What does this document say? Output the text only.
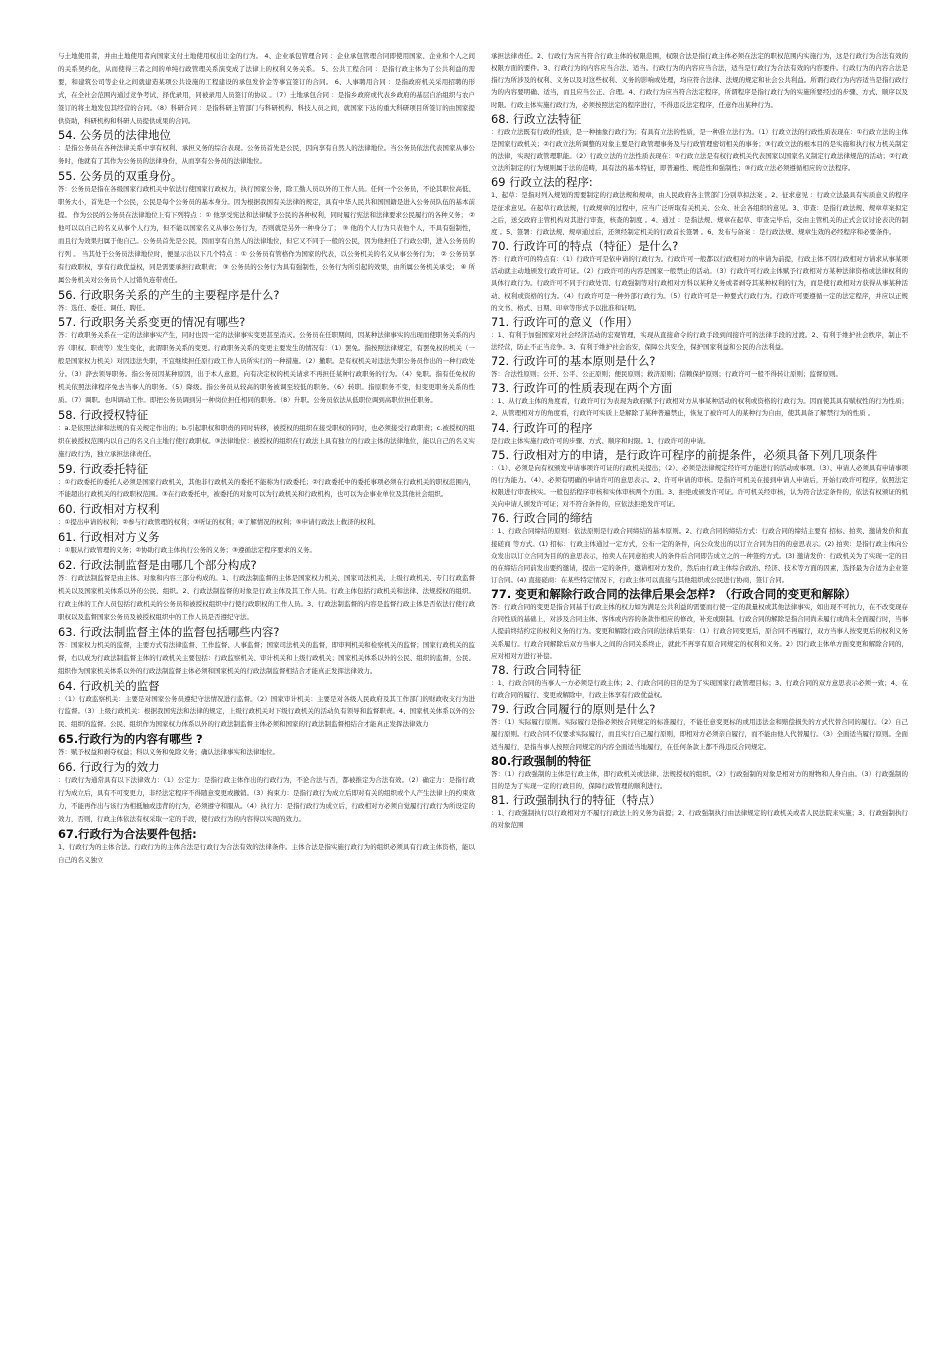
与土地使用者，并由土地使用者向国家支付土地使用权出让金的行为。 4、企业承包管理合同 ：企业承包管理合同即使用国家、企业和个人之间的关系契约化，从而使得三者之间的单纯行政管理关系演变成了法律上的权利义务关系。 5、公共工程合同 ：是指行政主体为了公共利益的需要，和建筑公司等企业之间就建造某项公共设施的工程建设的承包发价金等事宜签订的合同。 6、人事聘用合同 ：是指政府机关采用招聘的形式，在全社会范围内通过竞争考试，择优录用，同被录用人员签订的协议 。（7）土地承包合同 ：是指乡政府或代表乡政府的基层自治组织与农户签订的将土地发包其经营的合同。（8）科研合同 ：是指科研主管部门与科研机构、科技人员之间，就国家下达的重大科研项目所签订的由国家提供资助，科研机构和科研人员提供成果的合同。

54. 公务员的法律地位
：是指公务员在各种法律关系中享有权利、承担义务的综合表现。公务员首先是公民，因向享有自然人的法律地位。当公务员依法代表国家从事公务时，他就有了其作为公务员的法律身份，从而享有公务员的法律地位。

55. 公务员的双重身份。
答：公务员是指在各级国家行政机关中依法行使国家行政权力，执行国家公务，除工勤人员以外的工作人员。任何一个公务员，不论其职位高低、职务大小，首先是一个公民，公民是每个公务员的基本身分。因为根据我国有关法律的规定，具有中华人民共和国国籍是进入公务员队伍的基本前提。 作为公民的公务员在法律地位上有下列特点 ：① 他享受宪法和法律赋予公民的各种权利，同时履行宪法和法律要求公民履行的各种义务； ② 他可以以自己的名义从事个人行为，但不能以国家名义从事公务行为，否则就是另外一种身分了； ③ 他的个人行为只表他个人，不具有强制性，而且行为效果归属于他自己。公务员首先是公民，因而享有自然人的法律地位，但它又不同于一般的公民，因为他担任了行政公职，进入公务员的行列 。 当其处于公务员法律地位时，便显示出以下几个特点 ：① 公务员有管格作为国家的代表，以公务机关的名义从事公务行为； ② 公务员享有行政职权，享有行政优益权，同是需要承担行政职责； ③ 公务员的公务行为具有强制性，公务行为所引起的效果，由所属公务机关承受； ④ 所属公务机关对公务员个人过错负连带责任。

56. 行政职务关系的产生的主要程序是什么?
答：选任、委任、调任、聘任。

57. 行政职务关系变更的情况有哪些?
答：行政职务关系在一定的法律事实产生，同时也因一定的法律事实变更甚至消灭。公务员在任职期间，因某种法律事实的出现而使职务关系的内容（职权、职责等）发生变化，此谓职务关系的变更。行政职务关系的变更主要发生的情况有：（1）罢免。指按照法律规定，有罢免权的机关（一般是国家权力机关）对因违法失职，不宜继续担任原行政工作人员所实行的一种措施。（2）撤职。是有权机关对违法失职公务员作出的一种行政处分。（3）辞去领导职务。指公务员因某种原因，出于本人意愿，向有决定权的机关请求不再担任某种行政职务的行为。（4）免职。指有任免权的机关依照法律程序免去当事人的职务。（5）降级。指公务员从较高的职务被调至较低的职务。（6）转职。指原职务不变，但变更职务关系的性质。（7）调职。也叫调动工作。即把公务员调到另一种岗位担任相同的职务。（8）升职。公务员依法从低职位调到高职位担任职务。

58. 行政授权特征
：a.是依照法律和法规的有关规定作出的；b.引起职权和职责的同时转移，被授权的组织在接受职权的同时，也必须接受行政职责；c.被授权的组织在被授权范围内以自己的名义自主地行使行政职权。③法律地位：被授权的组织在行政法上具有独立的行政主体的法律地位，能以自己的名义实施行政行为，独立承担法律责任。

59. 行政委托特征
：①行政委托的委托人必须是国家行政机关，其他非行政机关的委托不能称为行政委托；②行政委托中的委托事项必须在行政机关的职权范围内，不能超出行政机关的行政职权范围。③在行政委托中，被委托的对象可以为行政机关和行政机构，也可以为企事业单位及其他社会组织。

60. 行政相对方权利
：①提出申请的权利；②参与行政管理的权利；③听证的权利；④了解情况的权利；⑤申请行政法上救济的权利。

61. 行政相对方义务
：①服从行政管理的义务；②协助行政主体执行公务的义务；③遵循法定程序要求的义务。

62. 行政法制监督是由哪几个部分构成?
答：行政法制监督是由主体、对象和内容三部分构成的。1、行政法制监督的主体是国家权力机关、国家司法机关、上级行政机关、专门行政监督机关以及国家机关体系以外的公民、组织。2、行政法制监督的对象是行政主体及其工作人员。行政主体包括行政机关和法律、法规授权的组织。行政主体的工作人员包括行政机关的公务员和被授权组织中行使行政职权的工作人员。3、行政法制监督的内容是监督行政主体是否依法行使行政职权以及监督国家公务员及被授权组织中的工作人员是否遵纪守法。

63. 行政法制监督主体的监督包括哪些内容?
答：国家权力机关的监督，主要方式有法律监督、工作监督、人事监督；国家司法机关的监督，即审判机关和检察机关的监督；国家行政机关的监督，右以成为行政法制监督主体的行政机关主要包括：行政监察机关、审计机关和上级行政机关；国家机关体系以外的公民、组织的监督，公民、组织作为国家机关体系以外的行政法制监督主体必须和国家机关的行政法制监督相结合才能真正发挥法律效力。

64. 行政机关的监督
：（1）行政监察机关：主要是对国家公务员遵纪守法情况进行监督。（2）国家审计机关：主要是对各级人民政府及其工作部门的财政收支行为进行监督。（3）上级行政机关：根据我国宪法和法律的规定，上级行政机关对下级行政机关的活动负有领导和监督职责。4、国家机关体系以外的公民、组织的监督。公民、组织作为国家权力体系以外的行政法制监督主体必须和国家的行政法制监督相结合才能真正发挥法律效力

65.行政行为的内容有哪些 ?
答：赋予权益和剥夺权益；科以义务和免除义务；确认法律事实和法律地位。

66. 行政行为的效力
：行政行为通常具有以下法律效力：（1）公定力：是指行政主体作出的行政行为，不论合法与否，都被推定为合法有效。（2）确定力：是指行政行为成立后，具有不可变更力，非经法定程序不得随意变更或撤销。（3）拘束力：是指行政行为成立后即对有关的组织或个人产生法律上的约束效力，不能再作出与该行为相抵触或违背的行为，必须遵守和服从。（4）执行力：是指行政行为成立后，行政相对方必须自觉履行行政行为所设定的效力，否则，行政主体依法有权采取一定的手段，使行政行为的内容得以实现的效力。

67.行政行为合法要件包括:
1、行政行为的主体合法。行政行为的主体合法是行政行为合法有效的法律条件。主体合法是指实施行政行为的组织必须具有行政主体资格，能以自己的名义独立

承担法律责任。2、行政行为应当符合行政主体的权限范围，权限合法是指行政主体必须在法定的职权范围内实施行为，这是行政行为合法有效的权限方面的要件。3、行政行为的内容应当合法、适当。行政行为的内容应当合法，适当是行政行为合法有效的内容要件。行政行为的内容合法是指行为所涉及的权利、义务以及对这些权利、义务的影响或处理，均应符合法律、法规的规定和社会公共利益。所谓行政行为内容适当是指行政行为的内容要明确、适当，而且应当公正、合理。4、行政行为应当符合法定程序，所谓程序是指行政行为的实施所要经过的步骤、方式、顺序以及时限。行政主体实施行政行为，必须按照法定的程序进行，不得违反法定程序，任意作出某种行为。

68. 行政立法特征
：行政立法既有行政的性质，是一种抽象行政行为；有具有立法的性质，是一种准立法行为。（1）行政立法的行政性质表现在：①行政立法的主体是国家行政机关；②行政立法所调整的对象主要是行政管理事务及与行政管理密切相关的事务；③行政立法的根本目的是实施和执行权力机关制定的法律，实现行政管理职能。（2）行政立法的立法性质表现在：①行政立法是有权行政机关代表国家以国家名义制定行政法律规范的活动；②行政立法所制定的行为规则属于法的范畴，具有法的基本特征，即普遍性、规范性和强制性；③行政立法必须遵循相应的立法程序。

69 行政立法的程序:
1、起草：是指对列入规划的需要制定的行政法规和规章，由人民政府各主管部门分别草拟法案 。2、征求意见 ：行政立法最具有实质意义的程序是征求意见。在起草行政法规，行政规章的过程中，应当广泛听取有关机关、公众、社会各组织的意见。3、审查：是指行政法规、规章草案拟定之后，送交政府主管机构对其进行审查，核查的制度 。4、通过 ：是指法规、规章在起草、审查完毕后，交由主管机关的正式会议讨论表决的制度 。5、签署：行政法规、规章通过后，还须经制定机关的行政首长签署 。6、发布与备案 ：是行政法规、规章生效的必经程序和必要条件。

70. 行政许可的特点（特征）是什么?
答：行政许可的特点有：（1）行政许可是依申请的行政行为。行政许可一般都以行政相对方的申请为前提，行政主体不因行政相对方请求从事某项活动就主动地颁发行政许可证。（2）行政许可的内容是国家一般禁止的活动。（3）行政许可行政主体赋予行政相对方某种法律资格或法律权利的具体行政行为。行政许可不同于行政处罚、行政强制等对行政相对方科以某种义务或者剥夺其某种权利的行为，而是使行政相对方获得从事某种活动、权利或资格的行为。（4）行政许可是一种外部行政行为。（5）行政许可是一种要式行政行为。行政许可要遵循一定的法定程序，并应以正规的文书、格式、日期、印章等形式予以批准和证明。

71. 行政许可的意义（作用）
：1、有利于加强国家对社会经济活动的宏观管理，实现从直接命令的行政手段到间接许可的法律手段的过渡。2、有利于维护社会秩序，制止不法经营，防止不正当竞争。3、有利于维护社会治安，保障公共安全，保护国家利益和公民的合法利益。

72. 行政许可的基本原则是什么?
答：合法性原则；公开、公平、公正原则；便民原则；救济原则；信赖保护原则；行政许可一般不得转让原则；监督原则。

73. 行政许可的性质表现在两个方面
：1、从行政主体的角度看，行政许可行为表现为政府赋予行政相对方从事某种活动的权利或资格的行政行为。因而使其具有赋权性的行为性质；2、从管理相对方的角度看，行政许可实质上是解除了某种普遍禁止，恢复了被许可人的某种行为自由，使其具备了解禁行为的性质 。

74. 行政许可的程序
是行政主体实施行政许可的步骤、方式、顺序和时限。1、行政许可的申请。

75. 行政相对方的申请，是行政许可程序的前提条件，必须具备下列几项条件
：（1）、必须是向有权颁发申请事项许可证的行政机关提出；（2）、必须是法律规定经许可方能进行的活动或事项。（3）、申请人必须具有申请事项的行为能力。（4）、必须有明确的申请许可的意思表示。2、许可申请的审核。是指许可机关在接到申请人申请后，开始行政许可程序，依照法定权限进行审查核实。一般包括程序审核和实体审核两个方面。3、拒绝或颁发许可证。许可机关经审核，认为符合法定条件的，依法有权颁证的机关向申请人颁发许可证；对不符合条件的，应依法拒绝发许可证。

76. 行政合同的缔结
：1、行政合同缔结的原则：依法原则是行政合同缔结的基本原则。2、行政合同的缔结方式：行政合同的缔结主要有 招标、拍卖、邀请发价和直接磋商 等方式。(1) 招标：行政主体通过一定方式，公布一定的条件，向公众发出的以订立合同为目的的意思表示。(2) 拍卖：是指行政主体向公众发出以订立合同为目的的意思表示，拍卖人在同意拍卖人的条件后合同即告成立之的一种签约方式。(3) 邀请发价：行政机关为了实现一定的目的在缔结合同前发出要约邀请，提出一定的条件，邀请相对方发价，然后由行政主体综合政治、经济、技术等方面的因素，选择最为合适为企业签订合同。(4) 直接磋商：在某些特定情况下，行政主体可以直接与其他组织或公民进行协商，签订合同。

77. 变更和解除行政合同的法律后果会怎样? （行政合同的变更和解除）
答：行政合同的变更是指合同基于行政主体的权力如为满足公共利益的需要而行使一定的裁量权或其他法律事实，如出现不可抗力，在不改变现存合同性质的基础上，对涉及合同主体、客体或内容的条款作相应的修改，补充或限制。行政合同的解除是指合同尚未履行或尚未全面履行时，当事人提前终结约定的权利义务的行为。变更和解除行政合同的法律后果有：（1）行政合同变更后，原合同不再履行，双方当事人按变更后的权利义务关系履行。行政合同解除后双方当事人之间的合同关系终止，就此不再享有原合同规定的权利和义务。2）因行政主体单方面变更和解除合同的，应对相对方进行补偿。

78. 行政合同特征
：1、行政合同的当事人一方必须是行政主体；2、行政合同的目的是为了实现国家行政管理目标；3、行政合同的双方意思表示必须一致；4、在行政合同的履行、变更或解除中，行政主体享有行政优益权。

79. 行政合同履行的原则是什么?
答：（1）实际履行原则。实际履行是指必须按合同规定的标准履行，不能任意变更标的或用违法金和赔偿损失的方式代替合同的履行。（2）自己履行原则。行政合同不仅要求实际履行，而且实行自己履行原则，即相对方必须亲自履行，而不能由他人代替履行。（3）全面适当履行原则。全面适当履行，是指当事人按照合同规定的内容全面适当地履行，在任何条款上都不得违反合同规定。

80.行政强制的特征
答：（1）行政强制的主体是行政主体，即行政机关或法律、法规授权的组织。（2）行政强制的对象是相对方的财物和人身自由。（3）行政强制的目的是为了实现一定的行政目的，保障行政管理的顺利进行。

81. 行政强制执行的特征（特点）
：1、行政强制执行以行政相对方不履行行政法上的义务为前提；2、行政强制执行由法律规定的行政机关或者人民法院来实施；3、行政强制执行的对象范围
